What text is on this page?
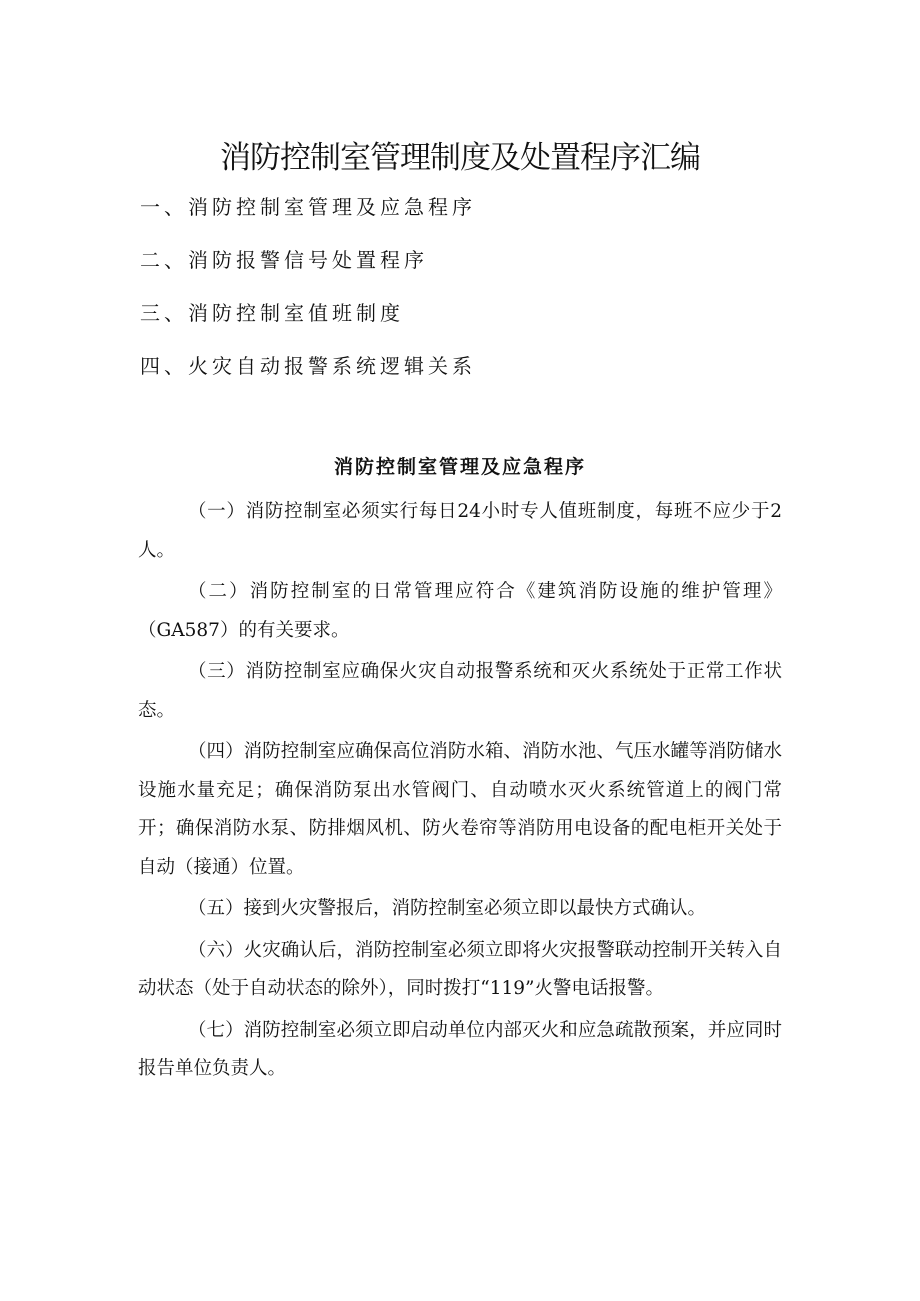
消防控制室管理制度及处置程序汇编
一、消防控制室管理及应急程序
二、消防报警信号处置程序
三、消防控制室值班制度
四、火灾自动报警系统逻辑关系
消防控制室管理及应急程序

（一）消防控制室必须实行每日24小时专人值班制度，每班不应少于2人。

（二）消防控制室的日常管理应符合《建筑消防设施的维护管理》（GA587）的有关要求。

（三）消防控制室应确保火灾自动报警系统和灭火系统处于正常工作状态。

（四）消防控制室应确保高位消防水箱、消防水池、气压水罐等消防储水设施水量充足；确保消防泵出水管阀门、自动喷水灭火系统管道上的阀门常开；确保消防水泵、防排烟风机、防火卷帘等消防用电设备的配电柜开关处于自动（接通）位置。

（五）接到火灾警报后，消防控制室必须立即以最快方式确认。

（六）火灾确认后，消防控制室必须立即将火灾报警联动控制开关转入自动状态（处于自动状态的除外），同时拨打“119”火警电话报警。

（七）消防控制室必须立即启动单位内部灭火和应急疏散预案，并应同时报告单位负责人。
